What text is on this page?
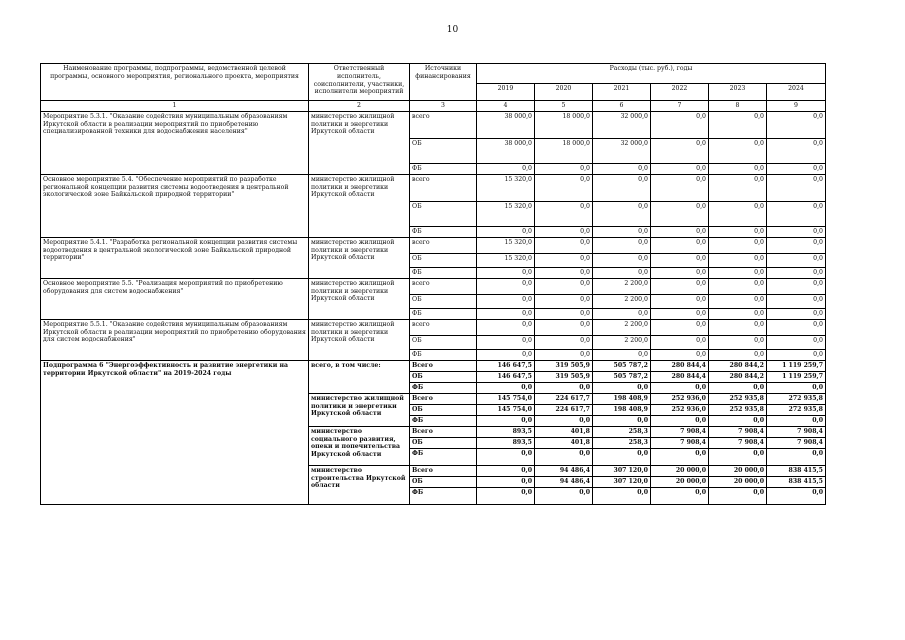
10
Наименование программы, подпрограммы, ведомственной целевой программы, основного мероприятия, регионального проекта, мероприятия	Ответственный исполнитель, соисполнители, участники, исполнители мероприятий	Источники финансирования	Расходы (тыс. руб.), годы					
			2019	2020	2021	2022	2023	2024
1	2	3	4	5	6	7	8	9
Мероприятие 5.3.1. "Оказание содействия муниципальным образованиям Иркутской области в реализации мероприятий по приобретению специализированной техники для водоснабжения населения"	министерство жилищной политики и энергетики Иркутской области	всего	38 000,0	18 000,0	32 000,0	0,0	0,0	0,0
		ОБ	38 000,0	18 000,0	32 000,0	0,0	0,0	0,0
		ФБ	0,0	0,0	0,0	0,0	0,0	0,0
Основное мероприятие 5.4. "Обеспечение мероприятий по разработке региональной концепции развития системы водоотведения в центральной экологической зоне Байкальской природной территории"	министерство жилищной политики и энергетики Иркутской области	всего	15 320,0	0,0	0,0	0,0	0,0	0,0
		ОБ	15 320,0	0,0	0,0	0,0	0,0	0,0
		ФБ	0,0	0,0	0,0	0,0	0,0	0,0
Мероприятие 5.4.1. "Разработка региональной концепции развития системы водоотведения в центральной экологической зоне Байкальской природной территории"	министерство жилищной политики и энергетики Иркутской области	всего	15 320,0	0,0	0,0	0,0	0,0	0,0
		ОБ	15 320,0	0,0	0,0	0,0	0,0	0,0
		ФБ	0,0	0,0	0,0	0,0	0,0	0,0
Основное мероприятие 5.5. "Реализация мероприятий по приобретению оборудования для систем водоснабжения"	министерство жилищной политики и энергетики Иркутской области	всего	0,0	0,0	2 200,0	0,0	0,0	0,0
		ОБ	0,0	0,0	2 200,0	0,0	0,0	0,0
		ФБ	0,0	0,0	0,0	0,0	0,0	0,0
Мероприятие 5.5.1. "Оказание содействия муниципальным образованиям Иркутской области в реализации мероприятий по приобретению оборудования для систем водоснабжения"	министерство жилищной политики и энергетики Иркутской области	всего	0,0	0,0	2 200,0	0,0	0,0	0,0
		ОБ	0,0	0,0	2 200,0	0,0	0,0	0,0
		ФБ	0,0	0,0	0,0	0,0	0,0	0,0
Подпрограмма 6 "Энергоэффективность и развитие энергетики на территории Иркутской области" на 2019-2024 годы	всего, в том числе:	Всего	146 647,5	319 505,9	505 787,2	280 844,4	280 844,2	1 119 259,7
		ОБ	146 647,5	319 505,9	505 787,2	280 844,4	280 844,2	1 119 259,7
		ФБ	0,0	0,0	0,0	0,0	0,0	0,0
	министерство жилищной политики и энергетики Иркутской области	Всего	145 754,0	224 617,7	198 408,9	252 936,0	252 935,8	272 935,8
		ОБ	145 754,0	224 617,7	198 408,9	252 936,0	252 935,8	272 935,8
		ФБ	0,0	0,0	0,0	0,0	0,0	0,0
	министерство социального развития, опеки и попечительства Иркутской области	Всего	893,5	401,8	258,3	7 908,4	7 908,4	7 908,4
		ОБ	893,5	401,8	258,3	7 908,4	7 908,4	7 908,4
		ФБ	0,0	0,0	0,0	0,0	0,0	0,0
	министерство строительства Иркутской области	Всего	0,0	94 486,4	307 120,0	20 000,0	20 000,0	838 415,5
		ОБ	0,0	94 486,4	307 120,0	20 000,0	20 000,0	838 415,5
		ФБ	0,0	0,0	0,0	0,0	0,0	0,0
